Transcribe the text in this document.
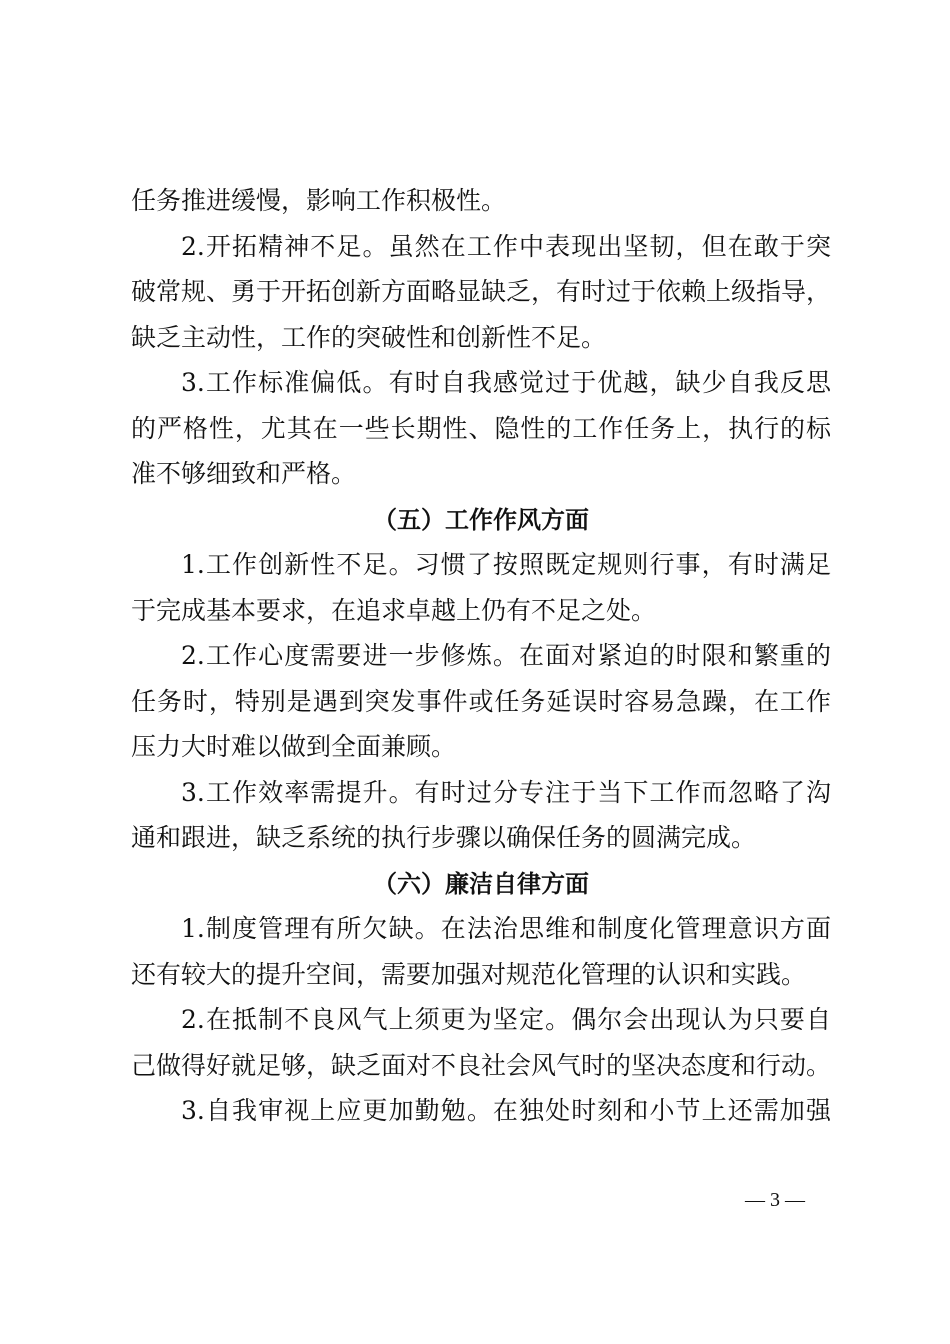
任务推进缓慢，影响工作积极性。
2.开拓精神不足。虽然在工作中表现出坚韧，但在敢于突
破常规、勇于开拓创新方面略显缺乏，有时过于依赖上级指导，
缺乏主动性，工作的突破性和创新性不足。
3.工作标准偏低。有时自我感觉过于优越，缺少自我反思
的严格性，尤其在一些长期性、隐性的工作任务上，执行的标
准不够细致和严格。
（五）工作作风方面
1.工作创新性不足。习惯了按照既定规则行事，有时满足
于完成基本要求，在追求卓越上仍有不足之处。
2.工作心度需要进一步修炼。在面对紧迫的时限和繁重的
任务时，特别是遇到突发事件或任务延误时容易急躁，在工作
压力大时难以做到全面兼顾。
3.工作效率需提升。有时过分专注于当下工作而忽略了沟
通和跟进，缺乏系统的执行步骤以确保任务的圆满完成。
（六）廉洁自律方面
1.制度管理有所欠缺。在法治思维和制度化管理意识方面
还有较大的提升空间，需要加强对规范化管理的认识和实践。
2.在抵制不良风气上须更为坚定。偶尔会出现认为只要自
己做得好就足够，缺乏面对不良社会风气时的坚决态度和行动。
3.自我审视上应更加勤勉。在独处时刻和小节上还需加强
— 3 —
